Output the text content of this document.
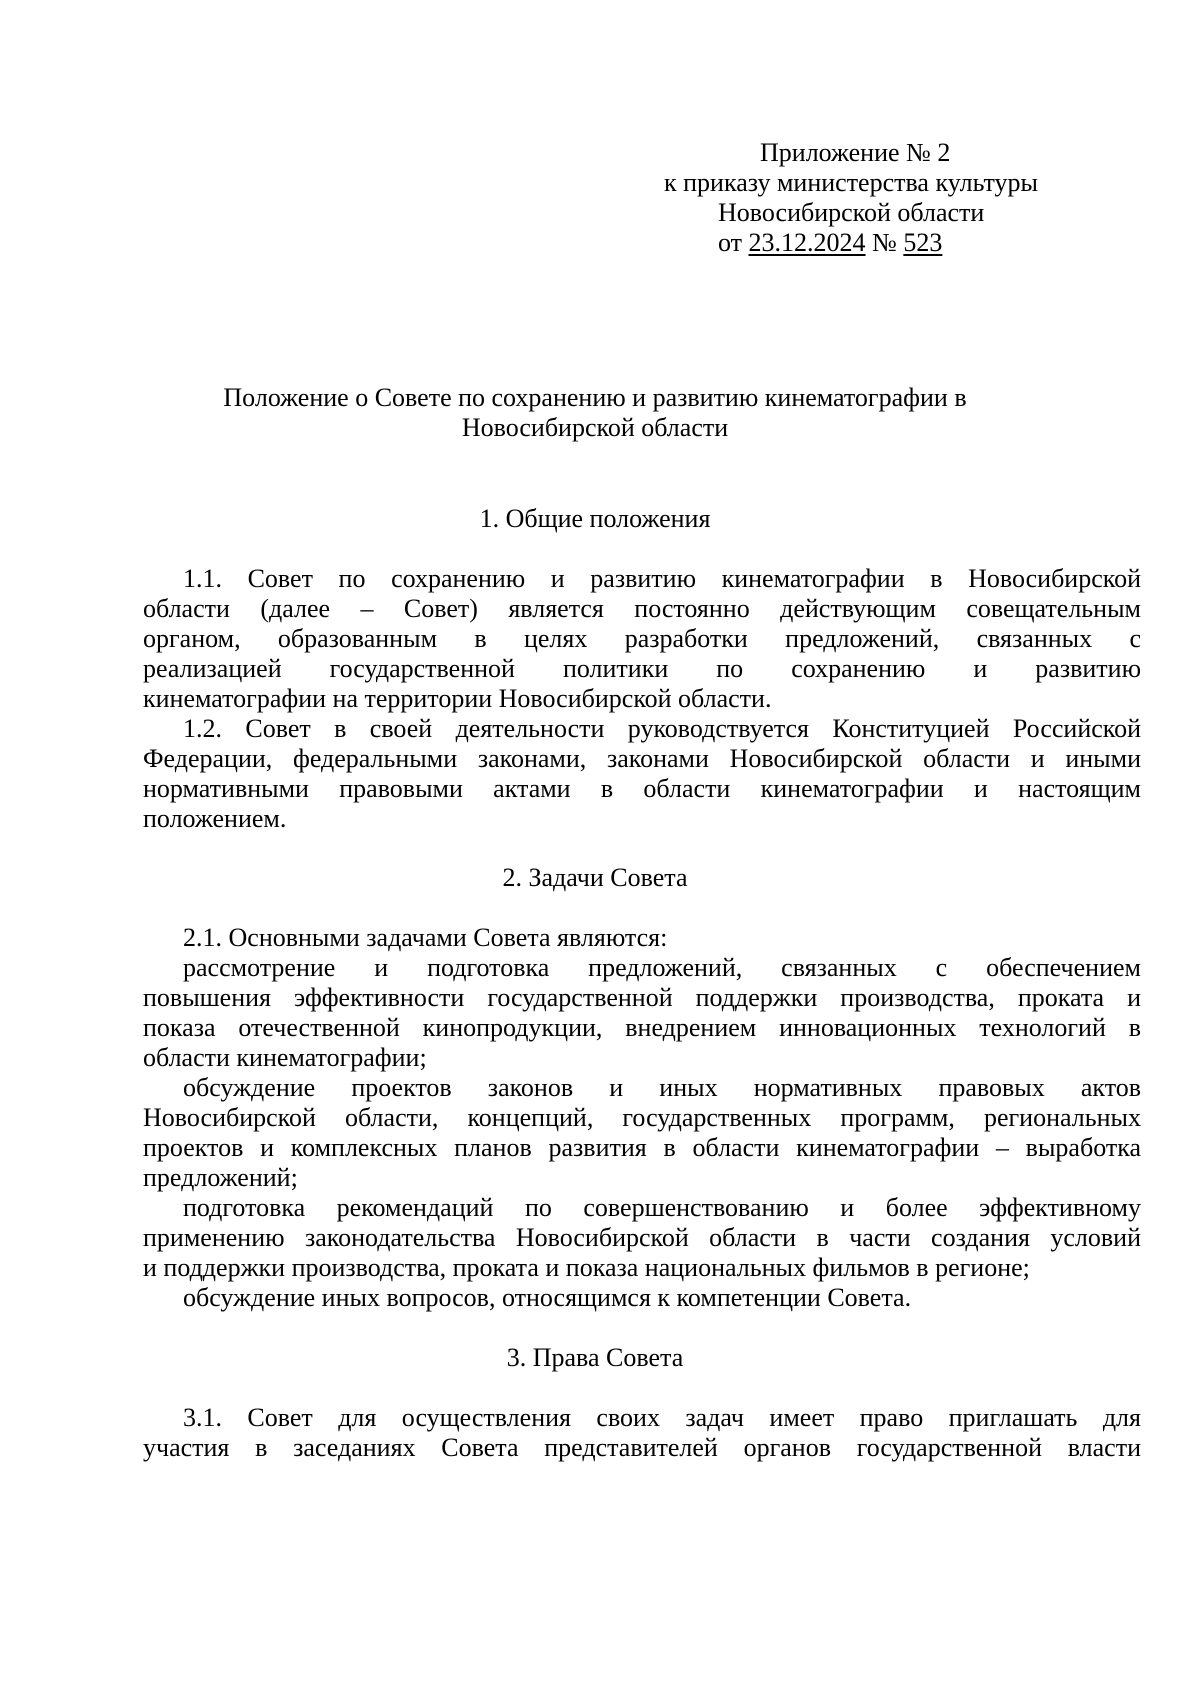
Приложение № 2
к приказу министерства культуры
Новосибирской области
от 23.12.2024 № 523
Положение о Совете по сохранению и развитию кинематографии в
Новосибирской области
1. Общие положения
1.1. Совет по сохранению и развитию кинематографии в Новосибирской
области (далее – Совет) является постоянно действующим совещательным
органом, образованным в целях разработки предложений, связанных с
реализацией государственной политики по сохранению и развитию
кинематографии на территории Новосибирской области.
1.2. Совет в своей деятельности руководствуется Конституцией Российской
Федерации, федеральными законами, законами Новосибирской области и иными
нормативными правовыми актами в области кинематографии и настоящим
положением.
2. Задачи Совета
2.1. Основными задачами Совета являются:
рассмотрение и подготовка предложений, связанных с обеспечением
повышения эффективности государственной поддержки производства, проката и
показа отечественной кинопродукции, внедрением инновационных технологий в
области кинематографии;
обсуждение проектов законов и иных нормативных правовых актов
Новосибирской области, концепций, государственных программ, региональных
проектов и комплексных планов развития в области кинематографии – выработка
предложений;
подготовка рекомендаций по совершенствованию и более эффективному
применению законодательства Новосибирской области в части создания условий
и поддержки производства, проката и показа национальных фильмов в регионе;
обсуждение иных вопросов, относящимся к компетенции Совета.
3. Права Совета
3.1. Совет для осуществления своих задач имеет право приглашать для
участия в заседаниях Совета представителей органов государственной власти
